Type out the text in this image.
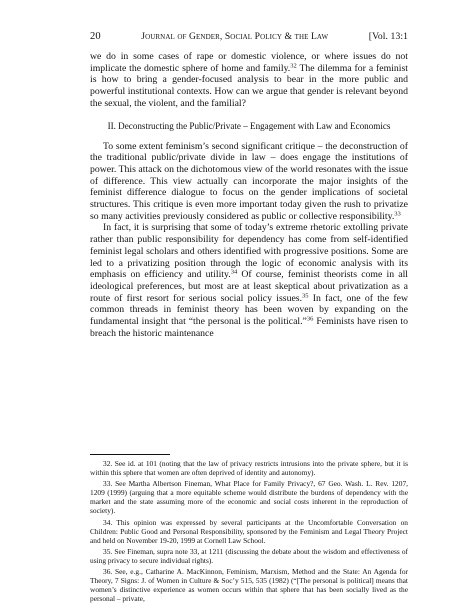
20	Journal of Gender, Social Policy & the Law	[Vol. 13:1

we do in some cases of rape or domestic violence, or where issues do not implicate the domestic sphere of home and family.$^{32}$ The dilemma for a feminist is how to bring a gender-focused analysis to bear in the more public and powerful institutional contexts. How can we argue that gender is relevant beyond the sexual, the violent, and the familial?

II. Deconstructing the Public/Private – Engagement with Law and Economics

To some extent feminism’s second significant critique – the deconstruction of the traditional public/private divide in law – does engage the institutions of power. This attack on the dichotomous view of the world resonates with the issue of difference. This view actually can incorporate the major insights of the feminist difference dialogue to focus on the gender implications of societal structures. This critique is even more important today given the rush to privatize so many activities previously considered as public or collective responsibility.$^{33}$

In fact, it is surprising that some of today’s extreme rhetoric extolling private rather than public responsibility for dependency has come from self-identified feminist legal scholars and others identified with progressive positions. Some are led to a privatizing position through the logic of economic analysis with its emphasis on efficiency and utility.$^{34}$ Of course, feminist theorists come in all ideological preferences, but most are at least skeptical about privatization as a route of first resort for serious social policy issues.$^{35}$ In fact, one of the few common threads in feminist theory has been woven by expanding on the fundamental insight that “the personal is the political.”$^{36}$ Feminists have risen to breach the historic maintenance

32. See id. at 101 (noting that the law of privacy restricts intrusions into the private sphere, but it is within this sphere that women are often deprived of identity and autonomy).

33. See Martha Albertson Fineman, What Place for Family Privacy?, 67 Geo. Wash. L. Rev. 1207, 1209 (1999) (arguing that a more equitable scheme would distribute the burdens of dependency with the market and the state assuming more of the economic and social costs inherent in the reproduction of society).

34. This opinion was expressed by several participants at the Uncomfortable Conversation on Children: Public Good and Personal Responsibility, sponsored by the Feminism and Legal Theory Project and held on November 19-20, 1999 at Cornell Law School.

35. See Fineman, supra note 33, at 1211 (discussing the debate about the wisdom and effectiveness of using privacy to secure individual rights).

36. See, e.g., Catharine A. MacKinnon, Feminism, Marxism, Method and the State: An Agenda for Theory, 7 Signs: J. of Women in Culture & Soc’y 515, 535 (1982) (“[The personal is political] means that women’s distinctive experience as women occurs within that sphere that has been socially lived as the personal – private,
